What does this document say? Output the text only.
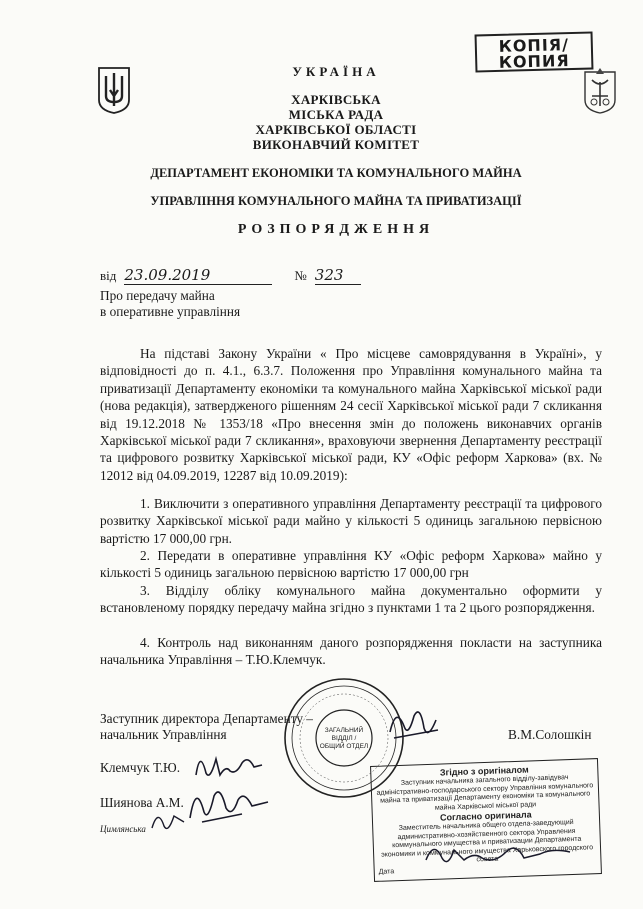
КОПІЯ/
КОПИЯ
УКРАЇНА
ХАРКІВСЬКА
МІСЬКА РАДА
ХАРКІВСЬКОЇ ОБЛАСТІ
ВИКОНАВЧИЙ КОМІТЕТ
ДЕПАРТАМЕНТ ЕКОНОМІКИ ТА КОМУНАЛЬНОГО МАЙНА
УПРАВЛІННЯ КОМУНАЛЬНОГО МАЙНА ТА ПРИВАТИЗАЦІЇ
РОЗПОРЯДЖЕННЯ
від 23.09.2019	№ 323
Про передачу майна
в оперативне управління
На підставі Закону України « Про місцеве самоврядування в Україні», у відповідності до п. 4.1., 6.3.7. Положення про Управління комунального майна та приватизації Департаменту економіки та комунального майна Харківської міської ради (нова редакція), затвердженого рішенням 24 сесії Харківської міської ради 7 скликання від 19.12.2018 № 1353/18 «Про внесення змін до положень виконавчих органів Харківської міської ради 7 скликання», враховуючи звернення Департаменту реєстрації та цифрового розвитку Харківської міської ради, КУ «Офіс реформ Харкова» (вх. № 12012 від 04.09.2019, 12287 від 10.09.2019):
1. Виключити з оперативного управління Департаменту реєстрації та цифрового розвитку Харківської міської ради майно у кількості 5 одиниць загальною первісною вартістю 17 000,00 грн.
2. Передати в оперативне управління КУ «Офіс реформ Харкова» майно у кількості 5 одиниць загальною первісною вартістю 17 000,00 грн
3. Відділу обліку комунального майна документально оформити у встановленому порядку передачу майна згідно з пунктами 1 та 2 цього розпорядження.
4. Контроль над виконанням даного розпорядження покласти на заступника начальника Управління – Т.Ю.Клемчук.
Заступник директора Департаменту –
начальник Управління	В.М.Солошкін
ЗАГАЛЬНИЙ
ВІДДІЛ /
ОБЩИЙ ОТДЕЛ
Клемчук Т.Ю.
Шиянова А.М.
Цимлянська
Згідно з оригіналом
Заступник начальника загального відділу-завідувач адміністративно-господарського сектору Управління комунального майна та приватизації Департаменту економіки та комунального майна Харківської міської ради
Согласно оригинала
Заместитель начальника общего отдела-заведующий административно-хозяйственного сектора Управления коммунального имущества и приватизации Департамента экономики и коммунального имущества Харьковского городского совета
Дата
